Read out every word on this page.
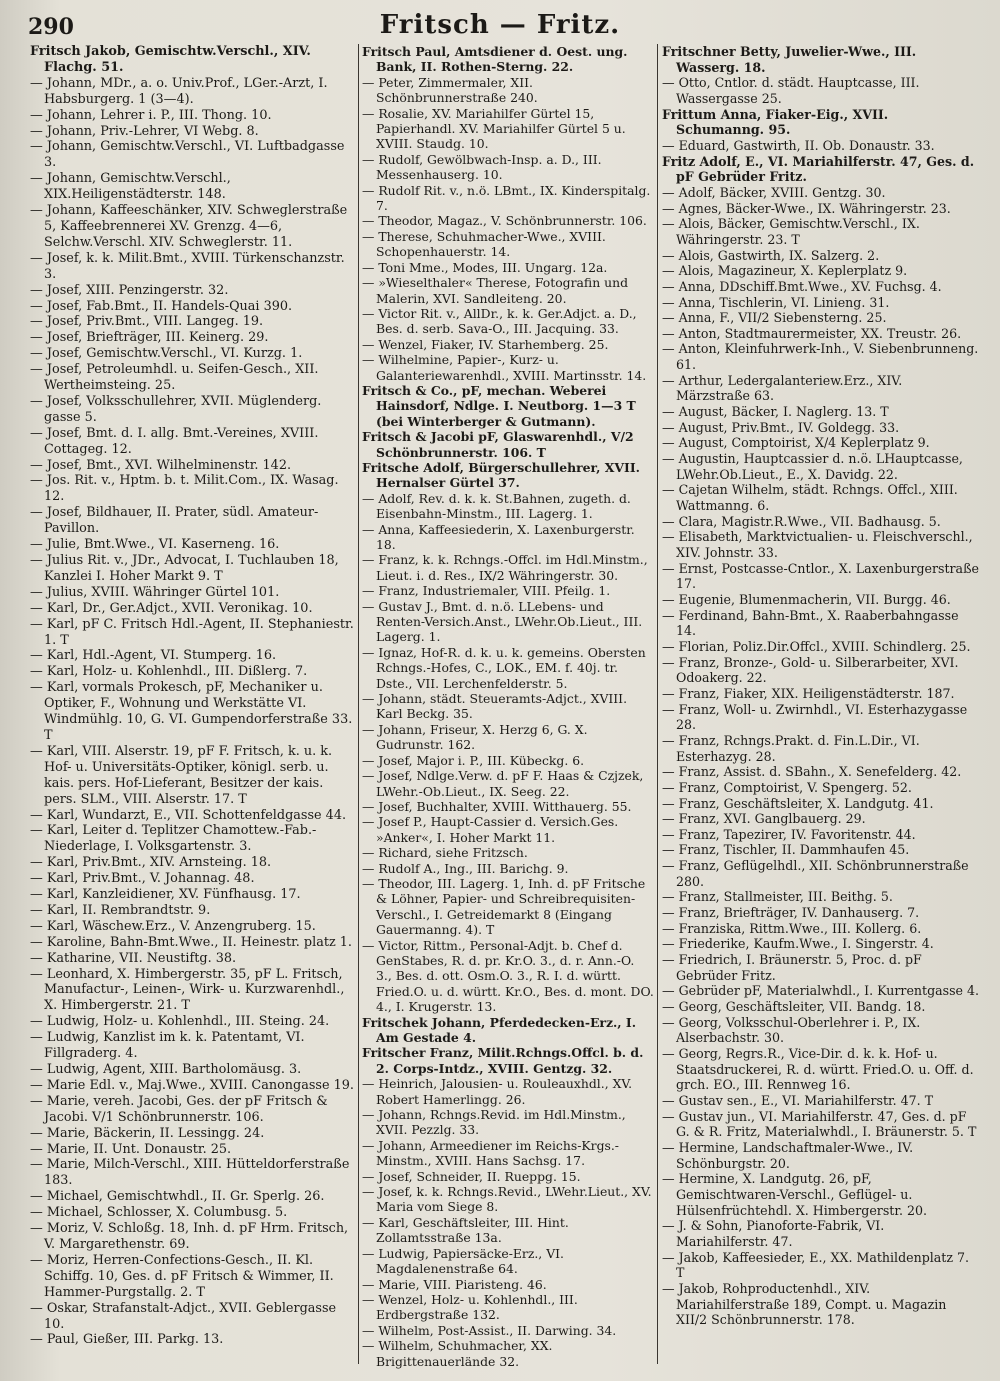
290	Fritsch — Fritz.

Fritsch Jakob, Gemischtw.Verschl., XIV. Flachg. 51.

— Johann, MDr., a. o. Univ.Prof., LGer.-Arzt, I. Habsburgerg. 1 (3—4).

— Johann, Lehrer i. P., III. Thong. 10.

— Johann, Priv.-Lehrer, VI Webg. 8.

— Johann, Gemischtw.Verschl., VI. Luftbadgasse 3.

— Johann, Gemischtw.Verschl., XIX.Heiligenstädterstr. 148.

— Johann, Kaffeeschänker, XIV. Schweglerstraße 5, Kaffeebrennerei XV. Grenzg. 4—6, Selchw.Verschl. XIV. Schweglerstr. 11.

— Josef, k. k. Milit.Bmt., XVIII. Türkenschanzstr. 3.

— Josef, XIII. Penzingerstr. 32.

— Josef, Fab.Bmt., II. Handels-Quai 390.

— Josef, Priv.Bmt., VIII. Langeg. 19.

— Josef, Briefträger, III. Keinerg. 29.

— Josef, Gemischtw.Verschl., VI. Kurzg. 1.

— Josef, Petroleumhdl. u. Seifen-Gesch., XII. Wertheimsteing. 25.

— Josef, Volksschullehrer, XVII. Müglenderg. gasse 5.

— Josef, Bmt. d. I. allg. Bmt.-Vereines, XVIII. Cottageg. 12.

— Josef, Bmt., XVI. Wilhelminenstr. 142.

— Jos. Rit. v., Hptm. b. t. Milit.Com., IX. Wasag. 12.

— Josef, Bildhauer, II. Prater, südl. Amateur-Pavillon.

— Julie, Bmt.Wwe., VI. Kaserneng. 16.

— Julius Rit. v., JDr., Advocat, I. Tuchlauben 18, Kanzlei I. Hoher Markt 9. T

— Julius, XVIII. Währinger Gürtel 101.

— Karl, Dr., Ger.Adjct., XVII. Veronikag. 10.

— Karl, pF C. Fritsch Hdl.-Agent, II. Stephaniestr. 1. T

— Karl, Hdl.-Agent, VI. Stumperg. 16.

— Karl, Holz- u. Kohlenhdl., III. Dißlerg. 7.

— Karl, vormals Prokesch, pF, Mechaniker u. Optiker, F., Wohnung und Werkstätte VI. Windmühlg. 10, G. VI. Gumpendorferstraße 33. T

— Karl, VIII. Alserstr. 19, pF F. Fritsch, k. u. k. Hof- u. Universitäts-Optiker, königl. serb. u. kais. pers. Hof-Lieferant, Besitzer der kais. pers. SLM., VIII. Alserstr. 17. T

— Karl, Wundarzt, E., VII. Schottenfeldgasse 44.

— Karl, Leiter d. Teplitzer Chamottew.-Fab.-Niederlage, I. Volksgartenstr. 3.

— Karl, Priv.Bmt., XIV. Arnsteing. 18.

— Karl, Priv.Bmt., V. Johannag. 48.

— Karl, Kanzleidiener, XV. Fünfhausg. 17.

— Karl, II. Rembrandtstr. 9.

— Karl, Wäschew.Erz., V. Anzengruberg. 15.

— Karoline, Bahn-Bmt.Wwe., II. Heinestr. platz 1.

— Katharine, VII. Neustiftg. 38.

— Leonhard, X. Himbergerstr. 35, pF L. Fritsch, Manufactur-, Leinen-, Wirk- u. Kurzwarenhdl., X. Himbergerstr. 21. T

— Ludwig, Holz- u. Kohlenhdl., III. Steing. 24.

— Ludwig, Kanzlist im k. k. Patentamt, VI. Fillgraderg. 4.

— Ludwig, Agent, XIII. Bartholomäusg. 3.

— Marie Edl. v., Maj.Wwe., XVIII. Canongasse 19.

— Marie, vereh. Jacobi, Ges. der pF Fritsch & Jacobi. V/1 Schönbrunnerstr. 106.

— Marie, Bäckerin, II. Lessingg. 24.

— Marie, II. Unt. Donaustr. 25.

— Marie, Milch-Verschl., XIII. Hütteldorferstraße 183.

— Michael, Gemischtwhdl., II. Gr. Sperlg. 26.

— Michael, Schlosser, X. Columbusg. 5.

— Moriz, V. Schloßg. 18, Inh. d. pF Hrm. Fritsch, V. Margarethenstr. 69.

— Moriz, Herren-Confections-Gesch., II. Kl. Schiffg. 10, Ges. d. pF Fritsch & Wimmer, II. Hammer-Purgstallg. 2. T

— Oskar, Strafanstalt-Adjct., XVII. Geblergasse 10.

— Paul, Gießer, III. Parkg. 13.

Fritsch Paul, Amtsdiener d. Oest. ung. Bank, II. Rothen-Sterng. 22.

— Peter, Zimmermaler, XII. Schönbrunnerstraße 240.

— Rosalie, XV. Mariahilfer Gürtel 15, Papierhandl. XV. Mariahilfer Gürtel 5 u. XVIII. Staudg. 10.

— Rudolf, Gewölbwach-Insp. a. D., III. Messenhauserg. 10.

— Rudolf Rit. v., n.ö. LBmt., IX. Kinderspitalg. 7.

— Theodor, Magaz., V. Schönbrunnerstr. 106.

— Therese, Schuhmacher-Wwe., XVIII. Schopenhauerstr. 14.

— Toni Mme., Modes, III. Ungarg. 12a.

— »Wieselthaler« Therese, Fotografin und Malerin, XVI. Sandleiteng. 20.

— Victor Rit. v., AllDr., k. k. Ger.Adjct. a. D., Bes. d. serb. Sava-O., III. Jacquing. 33.

— Wenzel, Fiaker, IV. Starhemberg. 25.

— Wilhelmine, Papier-, Kurz- u. Galanteriewarenhdl., XVIII. Martinsstr. 14.

Fritsch & Co., pF, mechan. Weberei Hainsdorf, Ndlge. I. Neutborg. 1—3 T (bei Winterberger & Gutmann).

Fritsch & Jacobi pF, Glaswarenhdl., V/2 Schönbrunnerstr. 106. T

Fritsche Adolf, Bürgerschullehrer, XVII. Hernalser Gürtel 37.

— Adolf, Rev. d. k. k. St.Bahnen, zugeth. d. Eisenbahn-Minstm., III. Lagerg. 1.

— Anna, Kaffeesiederin, X. Laxenburgerstr. 18.

— Franz, k. k. Rchngs.-Offcl. im Hdl.Minstm., Lieut. i. d. Res., IX/2 Währingerstr. 30.

— Franz, Industriemaler, VIII. Pfeilg. 1.

— Gustav J., Bmt. d. n.ö. LLebens- und Renten-Versich.Anst., LWehr.Ob.Lieut., III. Lagerg. 1.

— Ignaz, Hof-R. d. k. u. k. gemeins. Obersten Rchngs.-Hofes, C., LOK., EM. f. 40j. tr. Dste., VII. Lerchenfelderstr. 5.

— Johann, städt. Steueramts-Adjct., XVIII. Karl Beckg. 35.

— Johann, Friseur, X. Herzg 6, G. X. Gudrunstr. 162.

— Josef, Major i. P., III. Kübeckg. 6.

— Josef, Ndlge.Verw. d. pF F. Haas & Czjzek, LWehr.-Ob.Lieut., IX. Seeg. 22.

— Josef, Buchhalter, XVIII. Witthauerg. 55.

— Josef P., Haupt-Cassier d. Versich.Ges. »Anker«, I. Hoher Markt 11.

— Richard, siehe Fritzsch.

— Rudolf A., Ing., III. Barichg. 9.

— Theodor, III. Lagerg. 1, Inh. d. pF Fritsche & Löhner, Papier- und Schreibrequisiten-Verschl., I. Getreidemarkt 8 (Eingang Gauermanng. 4). T

— Victor, Rittm., Personal-Adjt. b. Chef d. GenStabes, R. d. pr. Kr.O. 3., d. r. Ann.-O. 3., Bes. d. ott. Osm.O. 3., R. I. d. württ. Fried.O. u. d. württ. Kr.O., Bes. d. mont. DO. 4., I. Krugerstr. 13.

Fritschek Johann, Pferdedecken-Erz., I. Am Gestade 4.

Fritscher Franz, Milit.Rchngs.Offcl. b. d. 2. Corps-Intdz., XVIII. Gentzg. 32.

— Heinrich, Jalousien- u. Rouleauxhdl., XV. Robert Hamerlingg. 26.

— Johann, Rchngs.Revid. im Hdl.Minstm., XVII. Pezzlg. 33.

— Johann, Armeediener im Reichs-Krgs.-Minstm., XVIII. Hans Sachsg. 17.

— Josef, Schneider, II. Rueppg. 15.

— Josef, k. k. Rchngs.Revid., LWehr.Lieut., XV. Maria vom Siege 8.

— Karl, Geschäftsleiter, III. Hint. Zollamtsstraße 13a.

— Ludwig, Papiersäcke-Erz., VI. Magdalenenstraße 64.

— Marie, VIII. Piaristeng. 46.

— Wenzel, Holz- u. Kohlenhdl., III. Erdbergstraße 132.

— Wilhelm, Post-Assist., II. Darwing. 34.

— Wilhelm, Schuhmacher, XX. Brigittenauerlände 32.

Fritschner Betty, Juwelier-Wwe., III. Wasserg. 18.

— Otto, Cntlor. d. städt. Hauptcasse, III. Wassergasse 25.

Frittum Anna, Fiaker-Eig., XVII. Schumanng. 95.

— Eduard, Gastwirth, II. Ob. Donaustr. 33.

Fritz Adolf, E., VI. Mariahilferstr. 47, Ges. d. pF Gebrüder Fritz.

— Adolf, Bäcker, XVIII. Gentzg. 30.

— Agnes, Bäcker-Wwe., IX. Währingerstr. 23.

— Alois, Bäcker, Gemischtw.Verschl., IX. Währingerstr. 23. T

— Alois, Gastwirth, IX. Salzerg. 2.

— Alois, Magazineur, X. Keplerplatz 9.

— Anna, DDschiff.Bmt.Wwe., XV. Fuchsg. 4.

— Anna, Tischlerin, VI. Linieng. 31.

— Anna, F., VII/2 Siebensterng. 25.

— Anton, Stadtmaurermeister, XX. Treustr. 26.

— Anton, Kleinfuhrwerk-Inh., V. Siebenbrunneng. 61.

— Arthur, Ledergalanteriew.Erz., XIV. Märzstraße 63.

— August, Bäcker, I. Naglerg. 13. T

— August, Priv.Bmt., IV. Goldegg. 33.

— August, Comptoirist, X/4 Keplerplatz 9.

— Augustin, Hauptcassier d. n.ö. LHauptcasse, LWehr.Ob.Lieut., E., X. Davidg. 22.

— Cajetan Wilhelm, städt. Rchngs. Offcl., XIII. Wattmanng. 6.

— Clara, Magistr.R.Wwe., VII. Badhausg. 5.

— Elisabeth, Marktvictualien- u. Fleischverschl., XIV. Johnstr. 33.

— Ernst, Postcasse-Cntlor., X. Laxenburgerstraße 17.

— Eugenie, Blumenmacherin, VII. Burgg. 46.

— Ferdinand, Bahn-Bmt., X. Raaberbahngasse 14.

— Florian, Poliz.Dir.Offcl., XVIII. Schindlerg. 25.

— Franz, Bronze-, Gold- u. Silberarbeiter, XVI. Odoakerg. 22.

— Franz, Fiaker, XIX. Heiligenstädterstr. 187.

— Franz, Woll- u. Zwirnhdl., VI. Esterhazygasse 28.

— Franz, Rchngs.Prakt. d. Fin.L.Dir., VI. Esterhazyg. 28.

— Franz, Assist. d. SBahn., X. Senefelderg. 42.

— Franz, Comptoirist, V. Spengerg. 52.

— Franz, Geschäftsleiter, X. Landgutg. 41.

— Franz, XVI. Ganglbauerg. 29.

— Franz, Tapezirer, IV. Favoritenstr. 44.

— Franz, Tischler, II. Dammhaufen 45.

— Franz, Geflügelhdl., XII. Schönbrunnerstraße 280.

— Franz, Stallmeister, III. Beithg. 5.

— Franz, Briefträger, IV. Danhauserg. 7.

— Franziska, Rittm.Wwe., III. Kollerg. 6.

— Friederike, Kaufm.Wwe., I. Singerstr. 4.

— Friedrich, I. Bräunerstr. 5, Proc. d. pF Gebrüder Fritz.

— Gebrüder pF, Materialwhdl., I. Kurrentgasse 4.

— Georg, Geschäftsleiter, VII. Bandg. 18.

— Georg, Volksschul-Oberlehrer i. P., IX. Alserbachstr. 30.

— Georg, Regrs.R., Vice-Dir. d. k. k. Hof- u. Staatsdruckerei, R. d. württ. Fried.O. u. Off. d. grch. EO., III. Rennweg 16.

— Gustav sen., E., VI. Mariahilferstr. 47. T

— Gustav jun., VI. Mariahilferstr. 47, Ges. d. pF G. & R. Fritz, Materialwhdl., I. Bräunerstr. 5. T

— Hermine, Landschaftmaler-Wwe., IV. Schönburgstr. 20.

— Hermine, X. Landgutg. 26, pF, Gemischtwaren-Verschl., Geflügel- u. Hülsenfrüchtehdl. X. Himbergerstr. 20.

— J. & Sohn, Pianoforte-Fabrik, VI. Mariahilferstr. 47.

— Jakob, Kaffeesieder, E., XX. Mathildenplatz 7. T

— Jakob, Rohproductenhdl., XIV. Mariahilferstraße 189, Compt. u. Magazin XII/2 Schönbrunnerstr. 178.
